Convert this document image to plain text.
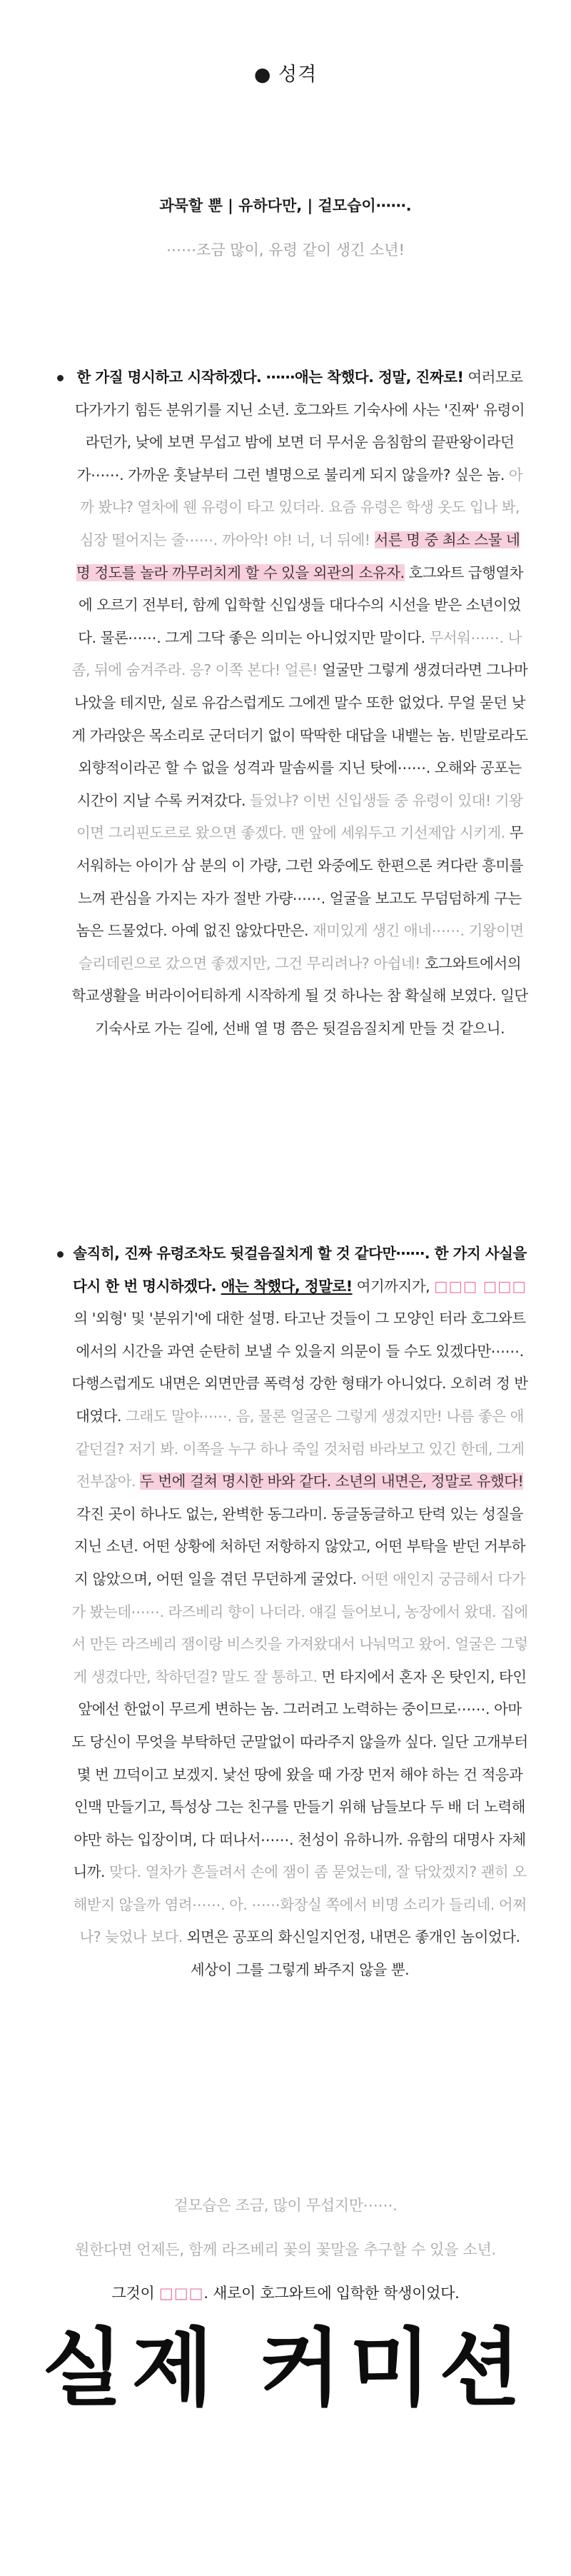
● 성격
과묵할 뿐 | 유하다만, | 겉모습이⋯⋯.
⋯⋯조금 많이, 유령 같이 생긴 소년!
한 가질 명시하고 시작하겠다. ⋯⋯애는 착했다. 정말, 진짜로! 여러모로 다가가기 힘든 분위기를 지닌 소년. 호그와트 기숙사에 사는 '진짜' 유령이라던가, 낮에 보면 무섭고 밤에 보면 더 무서운 음침함의 끝판왕이라던가⋯⋯. 가까운 홋날부터 그런 별명으로 불리게 되지 않을까? 싶은 놈. 아까 봤냐? 열차에 웬 유령이 타고 있더라. 요즘 유령은 학생 옷도 입나 봐, 심장 떨어지는 줄⋯⋯. 까아악! 야! 너, 너 뒤에! 서른 명 중 최소 스물 네 명 정도를 놀라 까무러치게 할 수 있을 외관의 소유자. 호그와트 급행열차에 오르기 전부터, 함께 입학할 신입생들 대다수의 시선을 받은 소년이었다. 물론⋯⋯. 그게 그닥 좋은 의미는 아니었지만 말이다. 무서워⋯⋯. 나 좀, 뒤에 숨겨주라. 응? 이쪽 본다! 얼른! 얼굴만 그렇게 생겼더라면 그나마 나았을 테지만, 실로 유감스럽게도 그에겐 말수 또한 없었다. 무얼 묻던 낮게 가라앉은 목소리로 군더더기 없이 딱딱한 대답을 내뱉는 놈. 빈말로라도 외향적이라곤 할 수 없을 성격과 말솜씨를 지닌 탓에⋯⋯. 오해와 공포는 시간이 지날 수록 커져갔다. 들었냐? 이번 신입생들 중 유령이 있대! 기왕이면 그리핀도르로 왔으면 좋겠다. 맨 앞에 세워두고 기선제압 시키게. 무서워하는 아이가 삼 분의 이 가량, 그런 와중에도 한편으론 켜다란 흥미를 느껴 관심을 가지는 자가 절반 가량⋯⋯. 얼굴을 보고도 무덤덤하게 구는 놈은 드물었다. 아예 없진 않았다만은. 재미있게 생긴 애네⋯⋯. 기왕이면 슬리데린으로 갔으면 좋겠지만, 그건 무리려나? 아쉽네! 호그와트에서의 학교생활을 버라이어티하게 시작하게 될 것 하나는 참 확실해 보였다. 일단 기숙사로 가는 길에, 선배 열 명 쯤은 뒷걸음질치게 만들 것 같으니.
솔직히, 진짜 유령조차도 뒷걸음질치게 할 것 같다만⋯⋯. 한 가지 사실을 다시 한 번 명시하겠다. 애는 착했다, 정말로! 여기까지가, □□□ □□□의 '외형' 및 '분위기'에 대한 설명. 타고난 것들이 그 모양인 터라 호그와트에서의 시간을 과연 순탄히 보낼 수 있을지 의문이 들 수도 있겠다만⋯⋯. 다행스럽게도 내면은 외면만큼 폭력성 강한 형태가 아니었다. 오히려 정 반대였다. 그래도 말야⋯⋯. 음, 물론 얼굴은 그렇게 생겼지만! 나름 좋은 애 같던걸? 저기 봐. 이쪽을 누구 하나 죽일 것처럼 바라보고 있긴 한데, 그게 전부잖아. 두 번에 걸쳐 명시한 바와 같다. 소년의 내면은, 정말로 유했다! 각진 곳이 하나도 없는, 완벽한 동그라미. 동글동글하고 탄력 있는 성질을 지닌 소년. 어떤 상황에 처하던 저항하지 않았고, 어떤 부탁을 받던 거부하지 않았으며, 어떤 일을 겪던 무던하게 굴었다. 어떤 애인지 궁금해서 다가가 봤는데⋯⋯. 라즈베리 향이 나더라. 얘길 들어보니, 농장에서 왔대. 집에서 만든 라즈베리 잼이랑 비스킷을 가져왔대서 나눠먹고 왔어. 얼굴은 그렇게 생겼다만, 착하던걸? 말도 잘 통하고. 먼 타지에서 혼자 온 탓인지, 타인 앞에선 한없이 무르게 변하는 놈. 그러려고 노력하는 중이므로⋯⋯. 아마도 당신이 무엇을 부탁하던 군말없이 따라주지 않을까 싶다. 일단 고개부터 몇 번 끄덕이고 보겠지. 낯선 땅에 왔을 때 가장 먼저 해야 하는 건 적응과 인맥 만들기고, 특성상 그는 친구를 만들기 위해 남들보다 두 배 더 노력해야만 하는 입장이며, 다 떠나서⋯⋯. 천성이 유하니까. 유함의 대명사 자체니까. 맞다. 열차가 흔들려서 손에 잼이 좀 묻었는데, 잘 닦았겠지? 괜히 오해받지 않을까 염려⋯⋯. 아. ⋯⋯화장실 쪽에서 비명 소리가 들리네. 어쩌나? 늦었나 보다. 외면은 공포의 화신일지언정, 내면은 좋개인 놈이었다. 세상이 그를 그렇게 봐주지 않을 뿐.
겉모습은 조금, 많이 무섭지만⋯⋯.
원한다면 언제든, 함께 라즈베리 꽃의 꽃말을 추구할 수 있을 소년.
그것이 □□□. 새로이 호그와트에 입학한 학생이었다.
실제 커미션
